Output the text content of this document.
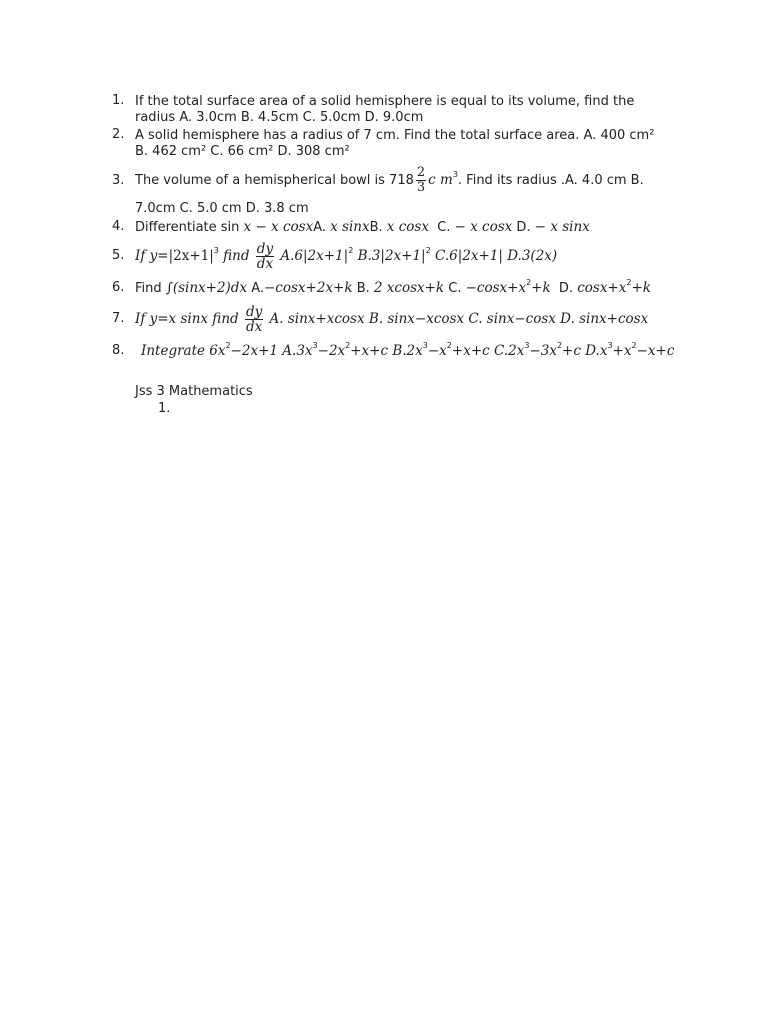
1. If the total surface area of a solid hemisphere is equal to its volume, find the
radius A. 3.0cm B. 4.5cm C. 5.0cm D. 9.0cm
2. A solid hemisphere has a radius of 7 cm. Find the total surface area. A. 400 cm²
B. 462 cm² C. 66 cm² D. 308 cm²
3. The volume of a hemispherical bowl is $718 \frac{2}{3}$ c $m^3$. Find its radius .A. 4.0 cm B.
7.0cm C. 5.0 cm D. 3.8 cm
4. Differentiate sin x − x cosxA. x sinxB. x cosx  C. − x cosx D. − x sinx
5. If $y=|2x+1|^3$ find $\frac{dy}{dx} A.6|2x+1|^2$ $B.3|2x+1|^2$ C.6|2x+1| D.3(2x)
6. Find ∫(sinx+2)dx A.−cosx+2x+k B. 2 xcosx+k C. $-\cos x+x^2+k$  D. $\cos x+x^2+k$
7. If y=x sinx find $\frac{dy}{dx} A$. sinx+xcosx B. sinx−xcosx C. sinx−cosx D. sinx+cosx
8. Integrate $6x^2-2x+1$ $A.3x^3-2x^2+x+c$ $B.2x^3-x^2+x+c$ $C.2x^3-3x^2+c$ $D.x^3+x^2-x+c$
Jss 3 Mathematics
1.
